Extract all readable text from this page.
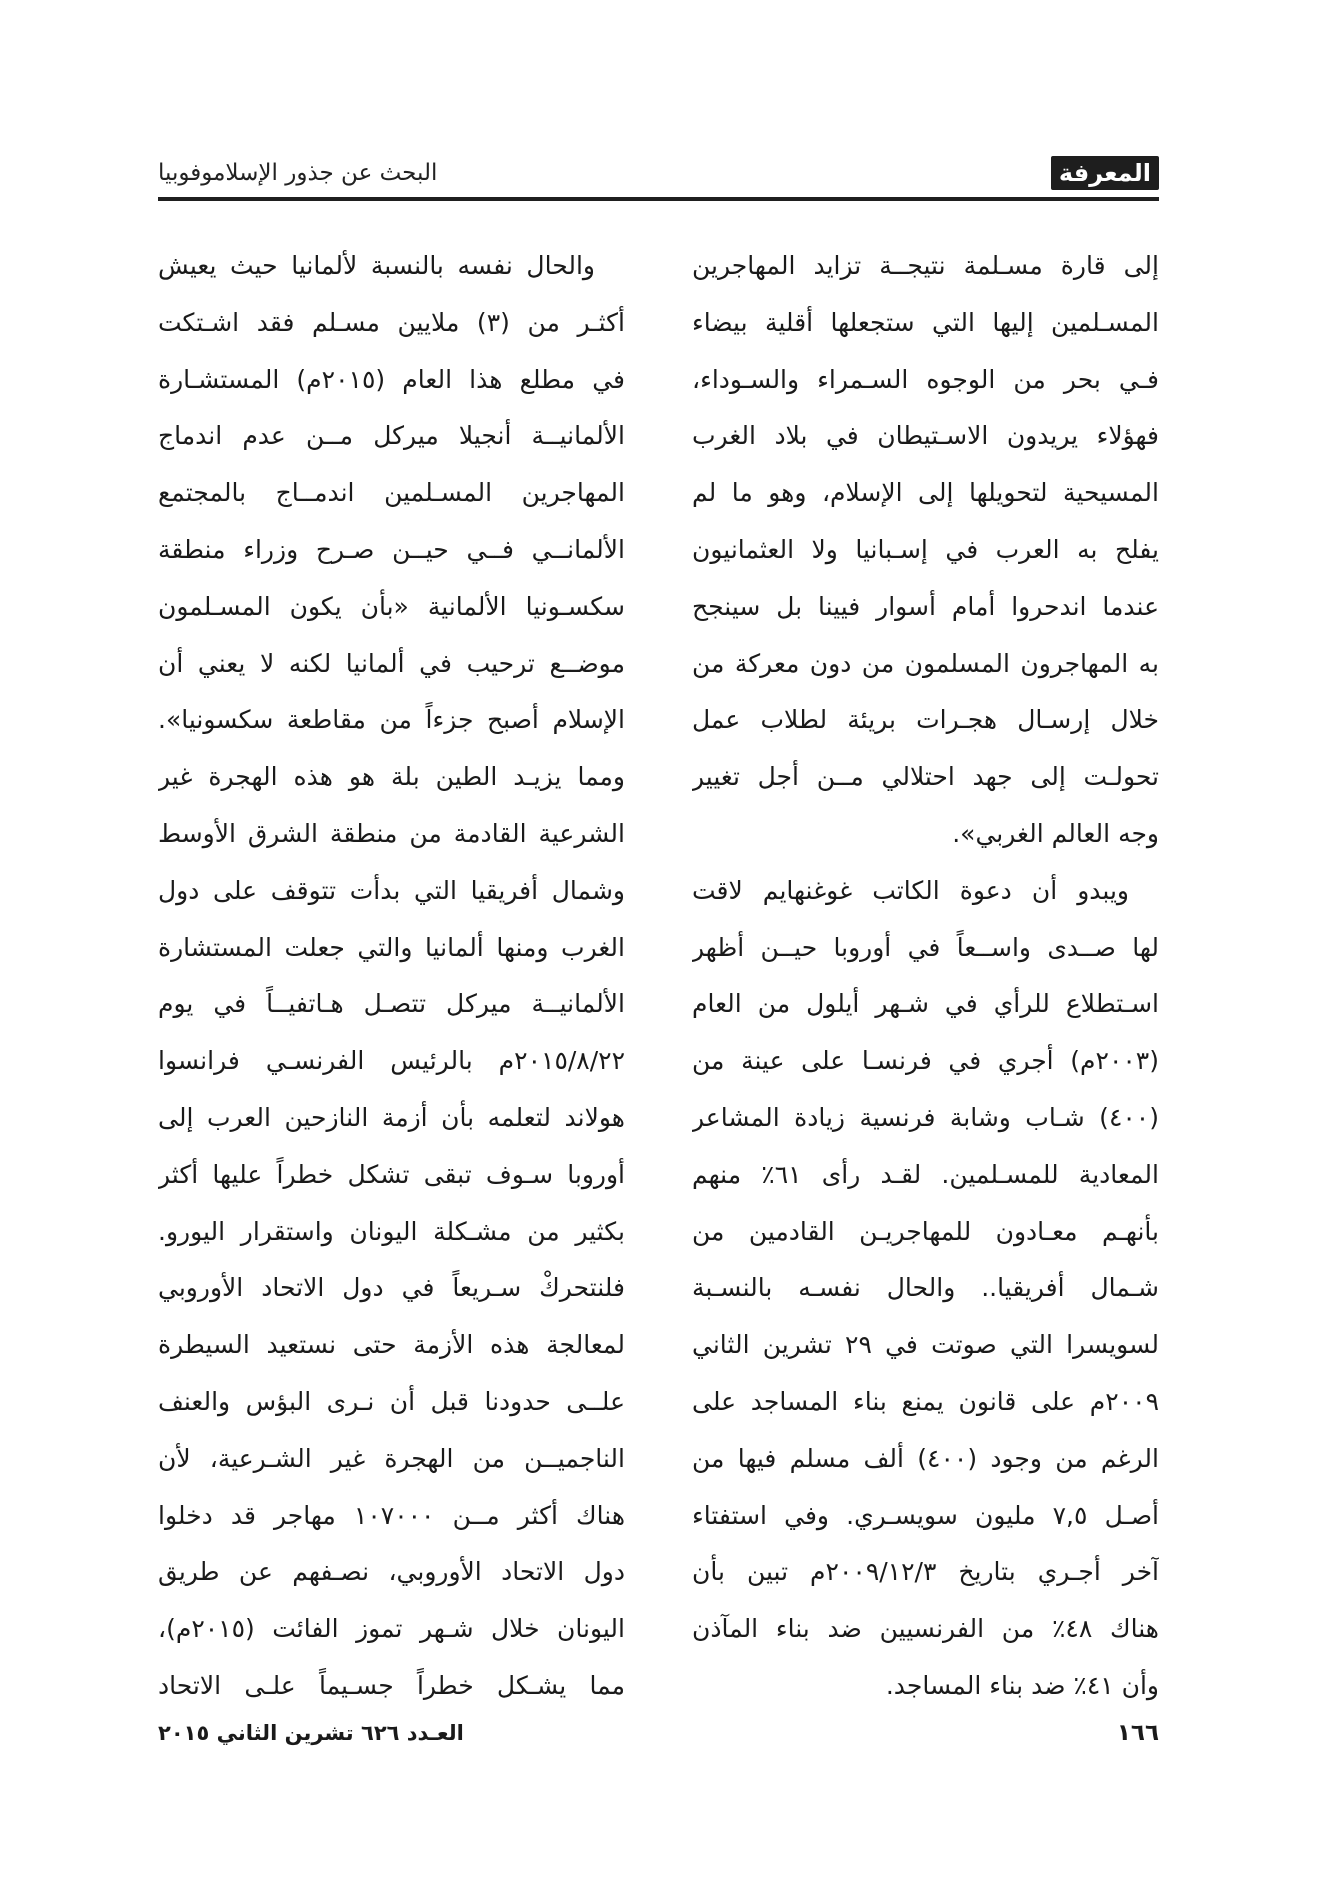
المعرفة
البحث عن جذور الإسلاموفوبيا
إلى قارة مسـلمة نتيجــة تزايد المهاجرين
المسـلمين إليها التي ستجعلها أقلية بيضاء
فـي بحر من الوجوه السـمراء والسـوداء،
فهؤلاء يريدون الاسـتيطان في بلاد الغرب
المسيحية لتحويلها إلى الإسلام، وهو ما لم
يفلح به العرب في إسـبانيا ولا العثمانيون
عندما اندحروا أمام أسوار فيينا بل سينجح
به المهاجرون المسلمون من دون معركة من
خلال إرسـال هجـرات بريئة لطلاب عمل
تحولـت إلى جهد احتلالي مــن أجل تغيير
وجه العالم الغربي».
ويبدو أن دعوة الكاتب غوغنهايم لاقت
لها صــدى واســعاً في أوروبا حيــن أظهر
اسـتطلاع للرأي في شـهر أيلول من العام
(٢٠٠٣م) أجري في فرنسـا على عينة من
(٤٠٠) شـاب وشابة فرنسية زيادة المشاعر
المعادية للمسـلمين. لقـد رأى ٦١٪ منهم
بأنهـم معـادون للمهاجريـن القادمين من
شـمال أفريقيا.. والحال نفسـه بالنسـبة
لسويسرا التي صوتت في ٢٩ تشرين الثاني
٢٠٠٩م على قانون يمنع بناء المساجد على
الرغم من وجود (٤٠٠) ألف مسلم فيها من
أصـل ٧,٥ مليون سويسـري. وفي استفتاء
آخر أجـري بتاريخ ٢٠٠٩/١٢/٣م تبين بأن
هناك ٤٨٪ من الفرنسيين ضد بناء المآذن
وأن ٤١٪ ضد بناء المساجد.
والحال نفسه بالنسبة لألمانيا حيث يعيش
أكثـر من (٣) ملايين مسـلم فقد اشـتكت
في مطلع هذا العام (٢٠١٥م) المستشـارة
الألمانيــة أنجيلا ميركل مــن عدم اندماج
المهاجرين المسـلمين اندمــاج بالمجتمع
الألمانــي فــي حيــن صـرح وزراء منطقة
سكسـونيا الألمانية «بأن يكون المسـلمون
موضــع ترحيب في ألمانيا لكنه لا يعني أن
الإسلام أصبح جزءاً من مقاطعة سكسونيا».
ومما يزيـد الطين بلة هو هذه الهجرة غير
الشرعية القادمة من منطقة الشرق الأوسط
وشمال أفريقيا التي بدأت تتوقف على دول
الغرب ومنها ألمانيا والتي جعلت المستشارة
الألمانيــة ميركل تتصـل هـاتفيــاً في يوم
٢٠١٥/٨/٢٢م بالرئيس الفرنسـي فرانسوا
هولاند لتعلمه بأن أزمة النازحين العرب إلى
أوروبا سـوف تبقى تشكل خطراً عليها أكثر
بكثير من مشـكلة اليونان واستقرار اليورو.
فلنتحركْ سـريعاً في دول الاتحاد الأوروبي
لمعالجة هذه الأزمة حتى نستعيد السيطرة
علــى حدودنا قبل أن نـرى البؤس والعنف
الناجميــن من الهجرة غير الشـرعية، لأن
هناك أكثر مــن ١٠٧٠٠٠ مهاجر قد دخلوا
دول الاتحاد الأوروبي، نصـفهم عن طريق
اليونان خلال شـهر تموز الفائت (٢٠١٥م)،
مما يشـكل خطراً جسـيماً علـى الاتحاد
١٦٦
العـدد ٦٢٦ تشرين الثاني ٢٠١٥
